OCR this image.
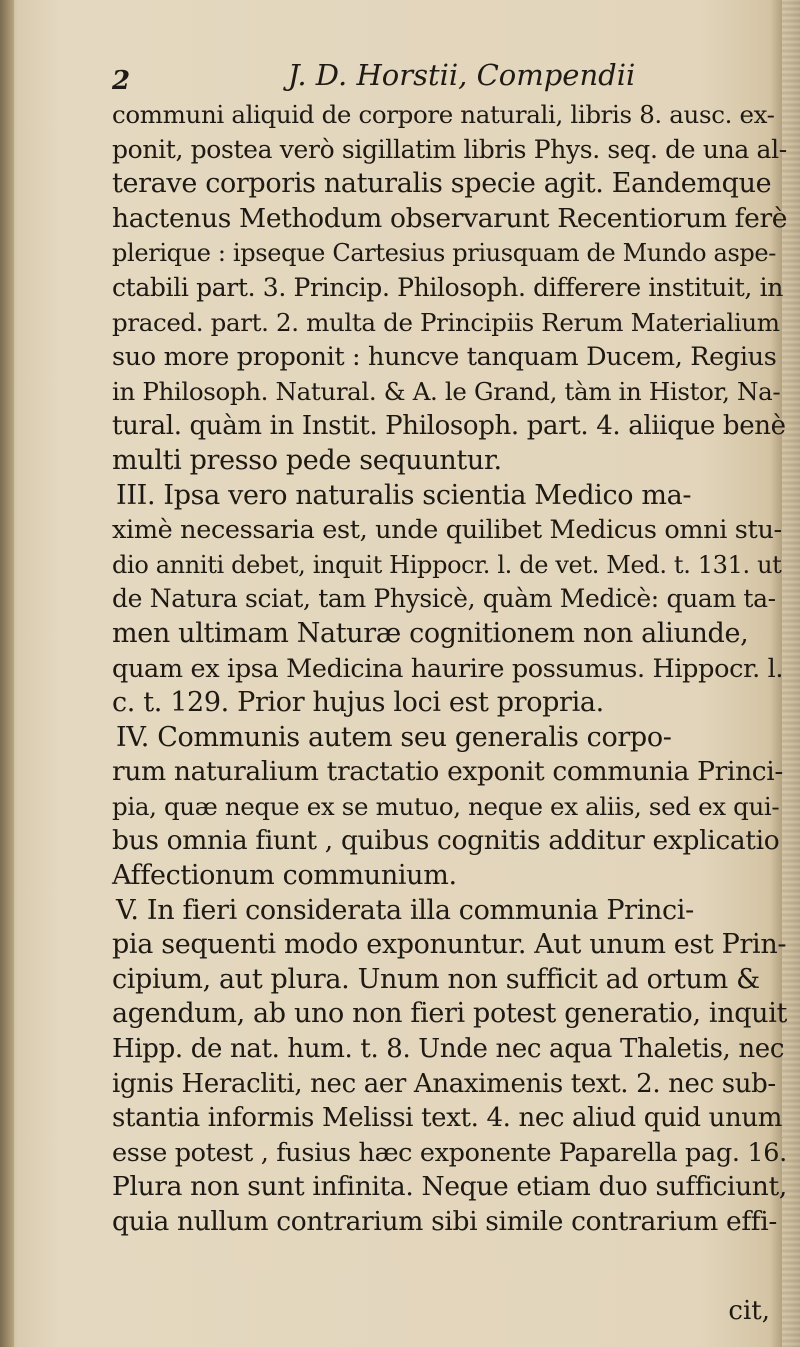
2	J. D. Horstii, Compendii
communi aliquid de corpore naturali, libris 8. ausc. ex-
ponit, postea verò sigillatim libris Phys. seq. de una al-
terave corporis naturalis specie agit. Eandemque
hactenus Methodum observarunt Recentiorum ferè
plerique : ipseque Cartesius priusquam de Mundo aspe-
ctabili part. 3. Princip. Philosoph. differere instituit, in
praced. part. 2. multa de Principiis Rerum Materialium
suo more proponit : huncve tanquam Ducem, Regius
in Philosoph. Natural. & A. le Grand, tàm in Histor, Na-
tural. quàm in Instit. Philosoph. part. 4. aliique benè
multi presso pede sequuntur.
III. Ipsa vero naturalis scientia Medico ma-
ximè necessaria est, unde quilibet Medicus omni stu-
dio anniti debet, inquit Hippocr. l. de vet. Med. t. 131. ut
de Natura sciat, tam Physicè, quàm Medicè: quam ta-
men ultimam Naturæ cognitionem non aliunde,
quam ex ipsa Medicina haurire possumus. Hippocr. l.
c. t. 129. Prior hujus loci est propria.
IV. Communis autem seu generalis corpo-
rum naturalium tractatio exponit communia Princi-
pia, quæ neque ex se mutuo, neque ex aliis, sed ex qui-
bus omnia fiunt , quibus cognitis additur explicatio
Affectionum communium.
V. In fieri considerata illa communia Princi-
pia sequenti modo exponuntur. Aut unum est Prin-
cipium, aut plura. Unum non sufficit ad ortum &
agendum, ab uno non fieri potest generatio, inquit
Hipp. de nat. hum. t. 8. Unde nec aqua Thaletis, nec
ignis Heracliti, nec aer Anaximenis text. 2. nec sub-
stantia informis Melissi text. 4. nec aliud quid unum
esse potest , fusius hæc exponente Paparella pag. 16.
Plura non sunt infinita. Neque etiam duo sufficiunt,
quia nullum contrarium sibi simile contrarium effi-
cit,
